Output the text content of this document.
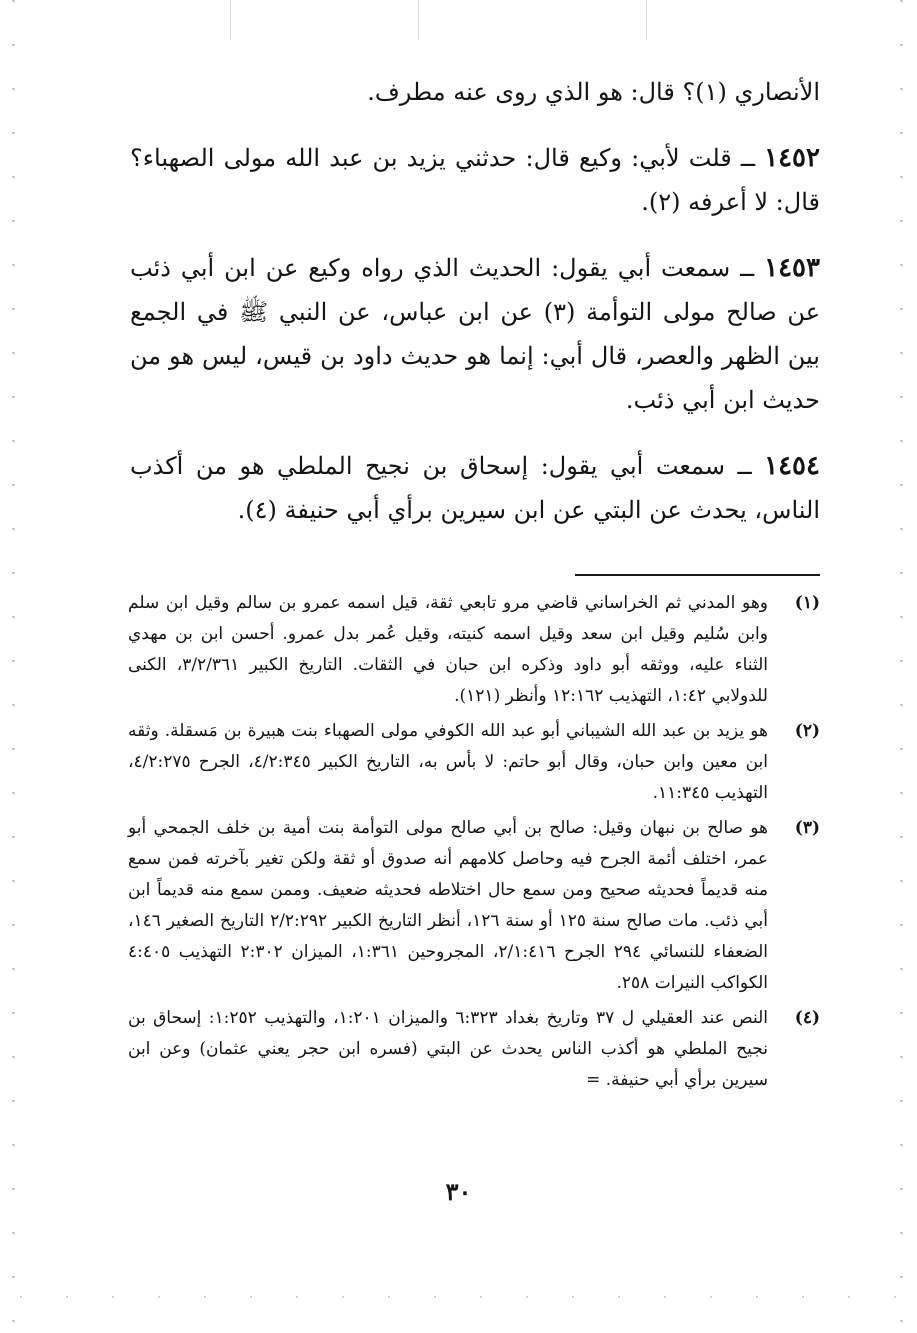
الأنصاري (١)؟ قال: هو الذي روى عنه مطرف.

١٤٥٢ ــ قلت لأبي: وكيع قال: حدثني يزيد بن عبد الله مولى الصهباء؟ قال: لا أعرفه (٢).

١٤٥٣ ــ سمعت أبي يقول: الحديث الذي رواه وكيع عن ابن أبي ذئب عن صالح مولى التوأمة (٣) عن ابن عباس، عن النبي ﷺ في الجمع بين الظهر والعصر، قال أبي: إنما هو حديث داود بن قيس، ليس هو من حديث ابن أبي ذئب.

١٤٥٤ ــ سمعت أبي يقول: إسحاق بن نجيح الملطي هو من أكذب الناس، يحدث عن البتي عن ابن سيرين برأي أبي حنيفة (٤).

(١)
وهو المدني ثم الخراساني قاضي مرو تابعي ثقة، قيل اسمه عمرو بن سالم وقيل ابن سلم وابن سُليم وقيل ابن سعد وقيل اسمه كنيته، وقيل عُمر بدل عمرو. أحسن ابن بن مهدي الثناء عليه، ووثقه أبو داود وذكره ابن حبان في الثقات. التاريخ الكبير ٣/٢/٣٦١، الكنى للدولابي ١:٤٢، التهذيب ١٢:١٦٢ وأنظر (١٢١).
(٢)
هو يزيد بن عبد الله الشيباني أبو عبد الله الكوفي مولى الصهباء بنت هبيرة بن مَسقلة. وثقه ابن معين وابن حبان، وقال أبو حاتم: لا بأس به، التاريخ الكبير ٤/٢:٣٤٥، الجرح ٤/٢:٢٧٥، التهذيب ١١:٣٤٥.
(٣)
هو صالح بن نبهان وقيل: صالح بن أبي صالح مولى التوأمة بنت أمية بن خلف الجمحي أبو عمر، اختلف أئمة الجرح فيه وحاصل كلامهم أنه صدوق أو ثقة ولكن تغير بآخرته فمن سمع منه قديماً فحديثه صحيح ومن سمع حال اختلاطه فحديثه ضعيف. وممن سمع منه قديماً ابن أبي ذئب. مات صالح سنة ١٢٥ أو سنة ١٢٦، أنظر التاريخ الكبير ٢/٢:٢٩٢ التاريخ الصغير ١٤٦، الضعفاء للنسائي ٢٩٤ الجرح ٢/١:٤١٦، المجروحين ١:٣٦١، الميزان ٢:٣٠٢ التهذيب ٤:٤٠٥ الكواكب النيرات ٢٥٨.
(٤)
النص عند العقيلي ل ٣٧ وتاريخ بغداد ٦:٣٢٣ والميزان ١:٢٠١، والتهذيب ١:٢٥٢: إسحاق بن نجيح الملطي هو أكذب الناس يحدث عن البتي (فسره ابن حجر يعني عثمان) وعن ابن سيرين برأي أبي حنيفة. =
٣٠
